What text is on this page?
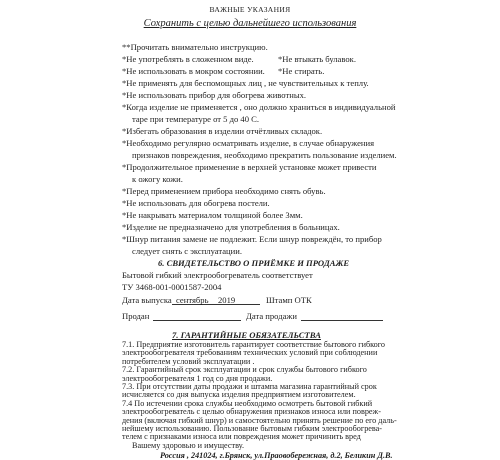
ВАЖНЫЕ УКАЗАНИЯ
Сохранить с целью дальнейшего использования
**Прочитать внимательно инструкцию.
*Не употреблять в сложенном виде.	*Не втыкать булавок.
*Не использовать в мокром состоянии. *Не стирать.
*Не применять для беспомощных лиц , не чувствительных к теплу.
*Не использовать прибор для обогрева животных.
*Когда изделие не применяется , оно должно храниться в индивидуальной
таре при температуре от 5 до 40 С.
*Избегать образования в изделии отчётливых складок.
*Необходимо регулярно осматривать изделие, в случае обнаружения
признаков повреждения, необходимо прекратить пользование изделием.
*Продолжительное применение в верхней установке может привести
к ожогу кожи.
*Перед применением прибора необходимо снять обувь.
*Не использовать для обогрева постели.
*Не накрывать материалом толщиной более 3мм.
*Изделие не предназначено для употребления в больницах.
*Шнур питания замене не подлежит. Если шнур повреждён, то прибор
следует снять с эксплуатации.
6. СВИДЕТЕЛЬСТВО О ПРИЁМКЕ И ПРОДАЖЕ
Бытовой гибкий электрообогреватель соответствует
ТУ 3468-001-0001587-2004
Дата выпуска сентябрь 2019	Штамп ОТК
Продан	Дата продажи
7. ГАРАНТИЙНЫЕ ОБЯЗАТЕЛЬСТВА
7.1. Предприятие изготовитель гарантирует соответствие бытового гибкого
электрообогревателя требованиям технических условий при соблюдении
потребителем условий эксплуатации .
7.2. Гарантийный срок эксплуатации и срок службы бытового гибкого
электрообогревателя 1 год со дня продажи.
7.3. При отсутствии даты продажи и штампа магазина гарантийный срок
исчисляется со дня выпуска изделия предприятием изготовителем.
7.4 По истечении срока службы необходимо осмотреть бытовой гибкий
электрообогреватель с целью обнаружения признаков износа или повреж-
дения (включая гибкий шнур) и самостоятельно принять решение по его даль-
нейшему использованию. Пользование бытовым гибким электрообогрева-
телем с признаками износа или повреждения может причинить вред
Вашему здоровью и имуществу.
Россия , 241024, г.Брянск, ул.Праовобережная, д.2, Беликин Д.В.
